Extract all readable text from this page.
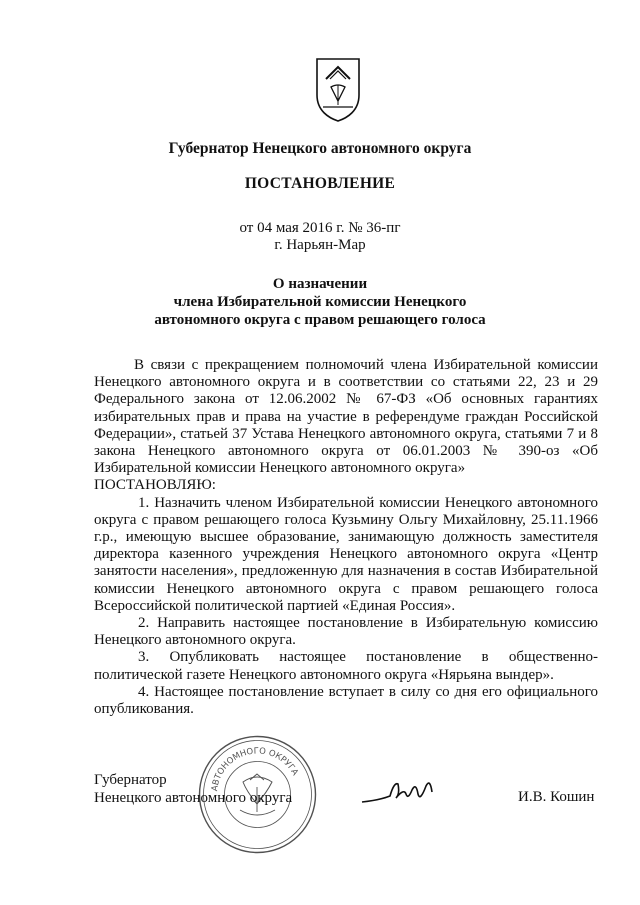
Губернатор Ненецкого автономного округа
ПОСТАНОВЛЕНИЕ
от 04 мая 2016 г. № 36-пг
г. Нарьян-Мар
О назначении
члена Избирательной комиссии Ненецкого
автономного округа с правом решающего голоса

В связи с прекращением полномочий члена Избирательной комиссии Ненецкого автономного округа и в соответствии со статьями 22, 23 и 29 Федерального закона от 12.06.2002 № 67-ФЗ «Об основных гарантиях избирательных прав и права на участие в референдуме граждан Российской Федерации», статьей 37 Устава Ненецкого автономного округа, статьями 7 и 8 закона Ненецкого автономного округа от 06.01.2003 № 390-оз «Об Избирательной комиссии Ненецкого автономного округа»

ПОСТАНОВЛЯЮ:

1. Назначить членом Избирательной комиссии Ненецкого автономного округа с правом решающего голоса Кузьмину Ольгу Михайловну, 25.11.1966 г.р., имеющую высшее образование, занимающую должность заместителя директора казенного учреждения Ненецкого автономного округа «Центр занятости населения», предложенную для назначения в состав Избирательной комиссии Ненецкого автономного округа с правом решающего голоса Всероссийской политической партией «Единая Россия».

2. Направить настоящее постановление в Избирательную комиссию Ненецкого автономного округа.

3. Опубликовать настоящее постановление в общественно-политической газете Ненецкого автономного округа «Нярьяна вындер».

4. Настоящее постановление вступает в силу со дня его официального опубликования.

АВТОНОМНОГО ОКРУГА
Губернатор
Ненецкого автономного округа	И.В. Кошин
